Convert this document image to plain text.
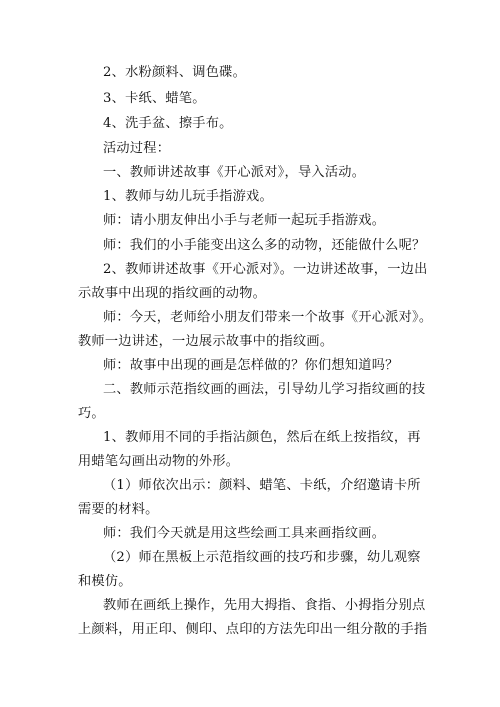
2、水粉颜料、调色碟。
3、卡纸、蜡笔。
4、洗手盆、擦手布。
活动过程：
一、教师讲述故事《开心派对》，导入活动。
1、教师与幼儿玩手指游戏。
师：请小朋友伸出小手与老师一起玩手指游戏。
师：我们的小手能变出这么多的动物，还能做什么呢？
2、教师讲述故事《开心派对》。一边讲述故事，一边出
示故事中出现的指纹画的动物。
师：今天，老师给小朋友们带来一个故事《开心派对》。
教师一边讲述，一边展示故事中的指纹画。
师：故事中出现的画是怎样做的？你们想知道吗？
二、教师示范指纹画的画法，引导幼儿学习指纹画的技
巧。
1、教师用不同的手指沾颜色，然后在纸上按指纹，再
用蜡笔勾画出动物的外形。
（1）师依次出示：颜料、蜡笔、卡纸，介绍邀请卡所
需要的材料。
师：我们今天就是用这些绘画工具来画指纹画。
（2）师在黑板上示范指纹画的技巧和步骤，幼儿观察
和模仿。
教师在画纸上操作，先用大拇指、食指、小拇指分别点
上颜料，用正印、侧印、点印的方法先印出一组分散的手指
